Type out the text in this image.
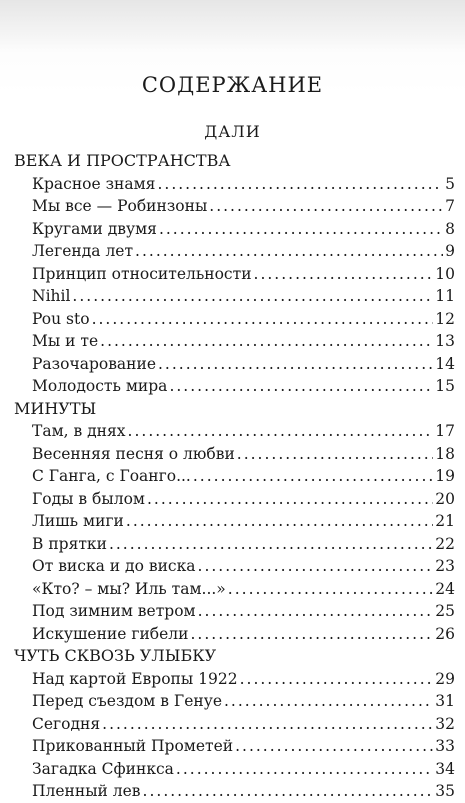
СОДЕРЖАНИЕ
ДАЛИ
ВЕКА И ПРОСТРАНСТВА
Красное знамя .....	5
Мы все — Робинзоны .....	7
Кругами двумя .....	8
Легенда лет .....	9
Принцип относительности .....	10
Nihil .....	11
Pou sto .....	12
Мы и те .....	13
Разочарование .....	14
Молодость мира .....	15
МИНУТЫ
Там, в днях .....	17
Весенняя песня о любви .....	18
С Ганга, с Гоанго... .....	19
Годы в былом .....	20
Лишь миги .....	21
В прятки .....	22
От виска и до виска .....	23
«Кто? – мы? Иль там...» .....	24
Под зимним ветром .....	25
Искушение гибели .....	26
ЧУТЬ СКВОЗЬ УЛЫБКУ
Над картой Европы 1922 .....	29
Перед съездом в Генуе .....	31
Сегодня .....	32
Прикованный Прометей .....	33
Загадка Сфинкса .....	34
Пленный лев .....	35
